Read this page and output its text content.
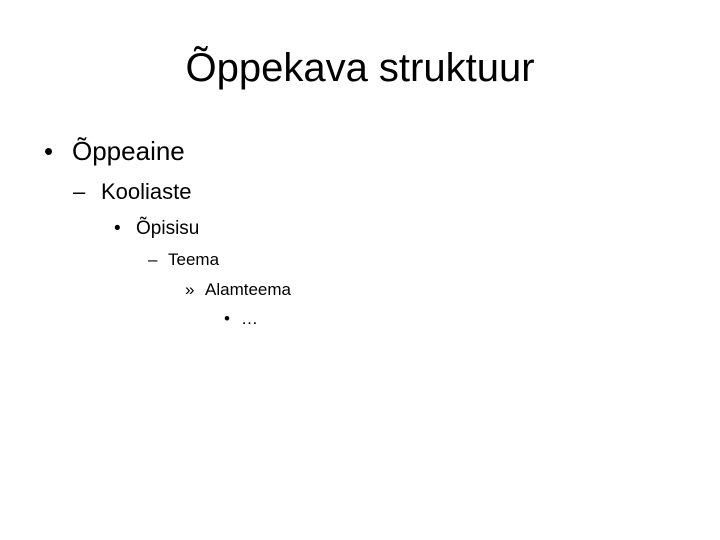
Õppekava struktuur
• Õppeaine
– Kooliaste
• Õpisisu
– Teema
» Alamteema
• …
